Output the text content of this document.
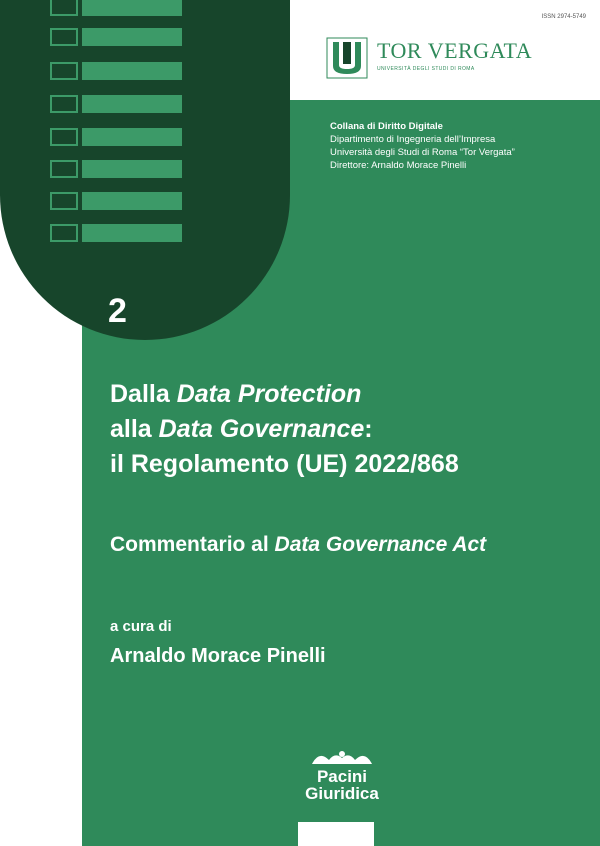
ISSN 2974-5749
TOR VERGATA
UNIVERSITÀ DEGLI STUDI DI ROMA
Collana di Diritto Digitale
Dipartimento di Ingegneria dell’Impresa
Università degli Studi di Roma “Tor Vergata”
Direttore: Arnaldo Morace Pinelli
2
Dalla Data Protection
alla Data Governance:
il Regolamento (UE) 2022/868
Commentario al Data Governance Act
a cura di
Arnaldo Morace Pinelli
Pacini
Giuridica
